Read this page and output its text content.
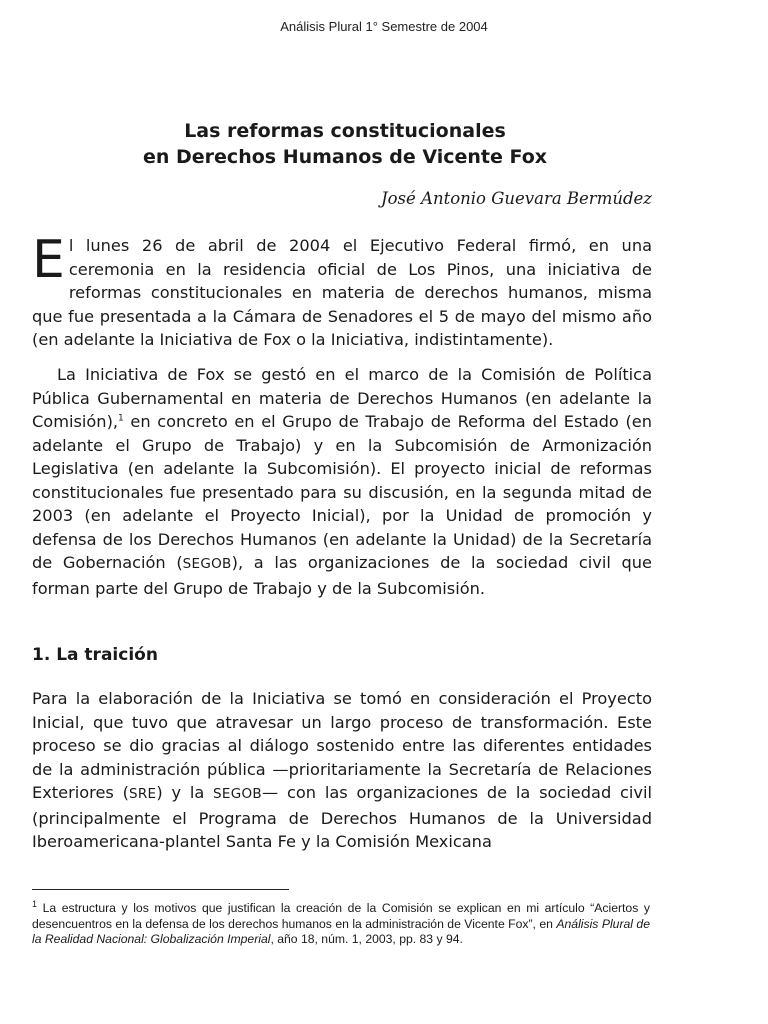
Análisis Plural 1° Semestre de 2004
Las reformas constitucionales
en Derechos Humanos de Vicente Fox
José Antonio Guevara Bermúdez

El lunes 26 de abril de 2004 el Ejecutivo Federal firmó, en una ceremonia en la residencia oficial de Los Pinos, una iniciativa de reformas constitucionales en materia de derechos humanos, misma que fue presentada a la Cámara de Senadores el 5 de mayo del mismo año (en adelante la Iniciativa de Fox o la Iniciativa, indistintamente).

La Iniciativa de Fox se gestó en el marco de la Comisión de Política Pública Gubernamental en materia de Derechos Humanos (en adelante la Comisión),$^1$ en concreto en el Grupo de Trabajo de Reforma del Estado (en adelante el Grupo de Trabajo) y en la Subcomisión de Armonización Legislativa (en adelante la Subcomisión). El proyecto inicial de reformas constitucionales fue presentado para su discusión, en la segunda mitad de 2003 (en adelante el Proyecto Inicial), por la Unidad de promoción y defensa de los Derechos Humanos (en adelante la Unidad) de la Secretaría de Gobernación (SEGOB), a las organizaciones de la sociedad civil que forman parte del Grupo de Trabajo y de la Subcomisión.

1. La traición

Para la elaboración de la Iniciativa se tomó en consideración el Proyecto Inicial, que tuvo que atravesar un largo proceso de transformación. Este proceso se dio gracias al diálogo sostenido entre las diferentes entidades de la administración pública —prioritariamente la Secretaría de Relaciones Exteriores (SRE) y la SEGOB— con las organizaciones de la sociedad civil (principalmente el Programa de Derechos Humanos de la Universidad Iberoamericana-plantel Santa Fe y la Comisión Mexicana

$^1$ La estructura y los motivos que justifican la creación de la Comisión se explican en mi artículo “Aciertos y desencuentros en la defensa de los derechos humanos en la administración de Vicente Fox”, en Análisis Plural de la Realidad Nacional: Globalización Imperial, año 18, núm. 1, 2003, pp. 83 y 94.
